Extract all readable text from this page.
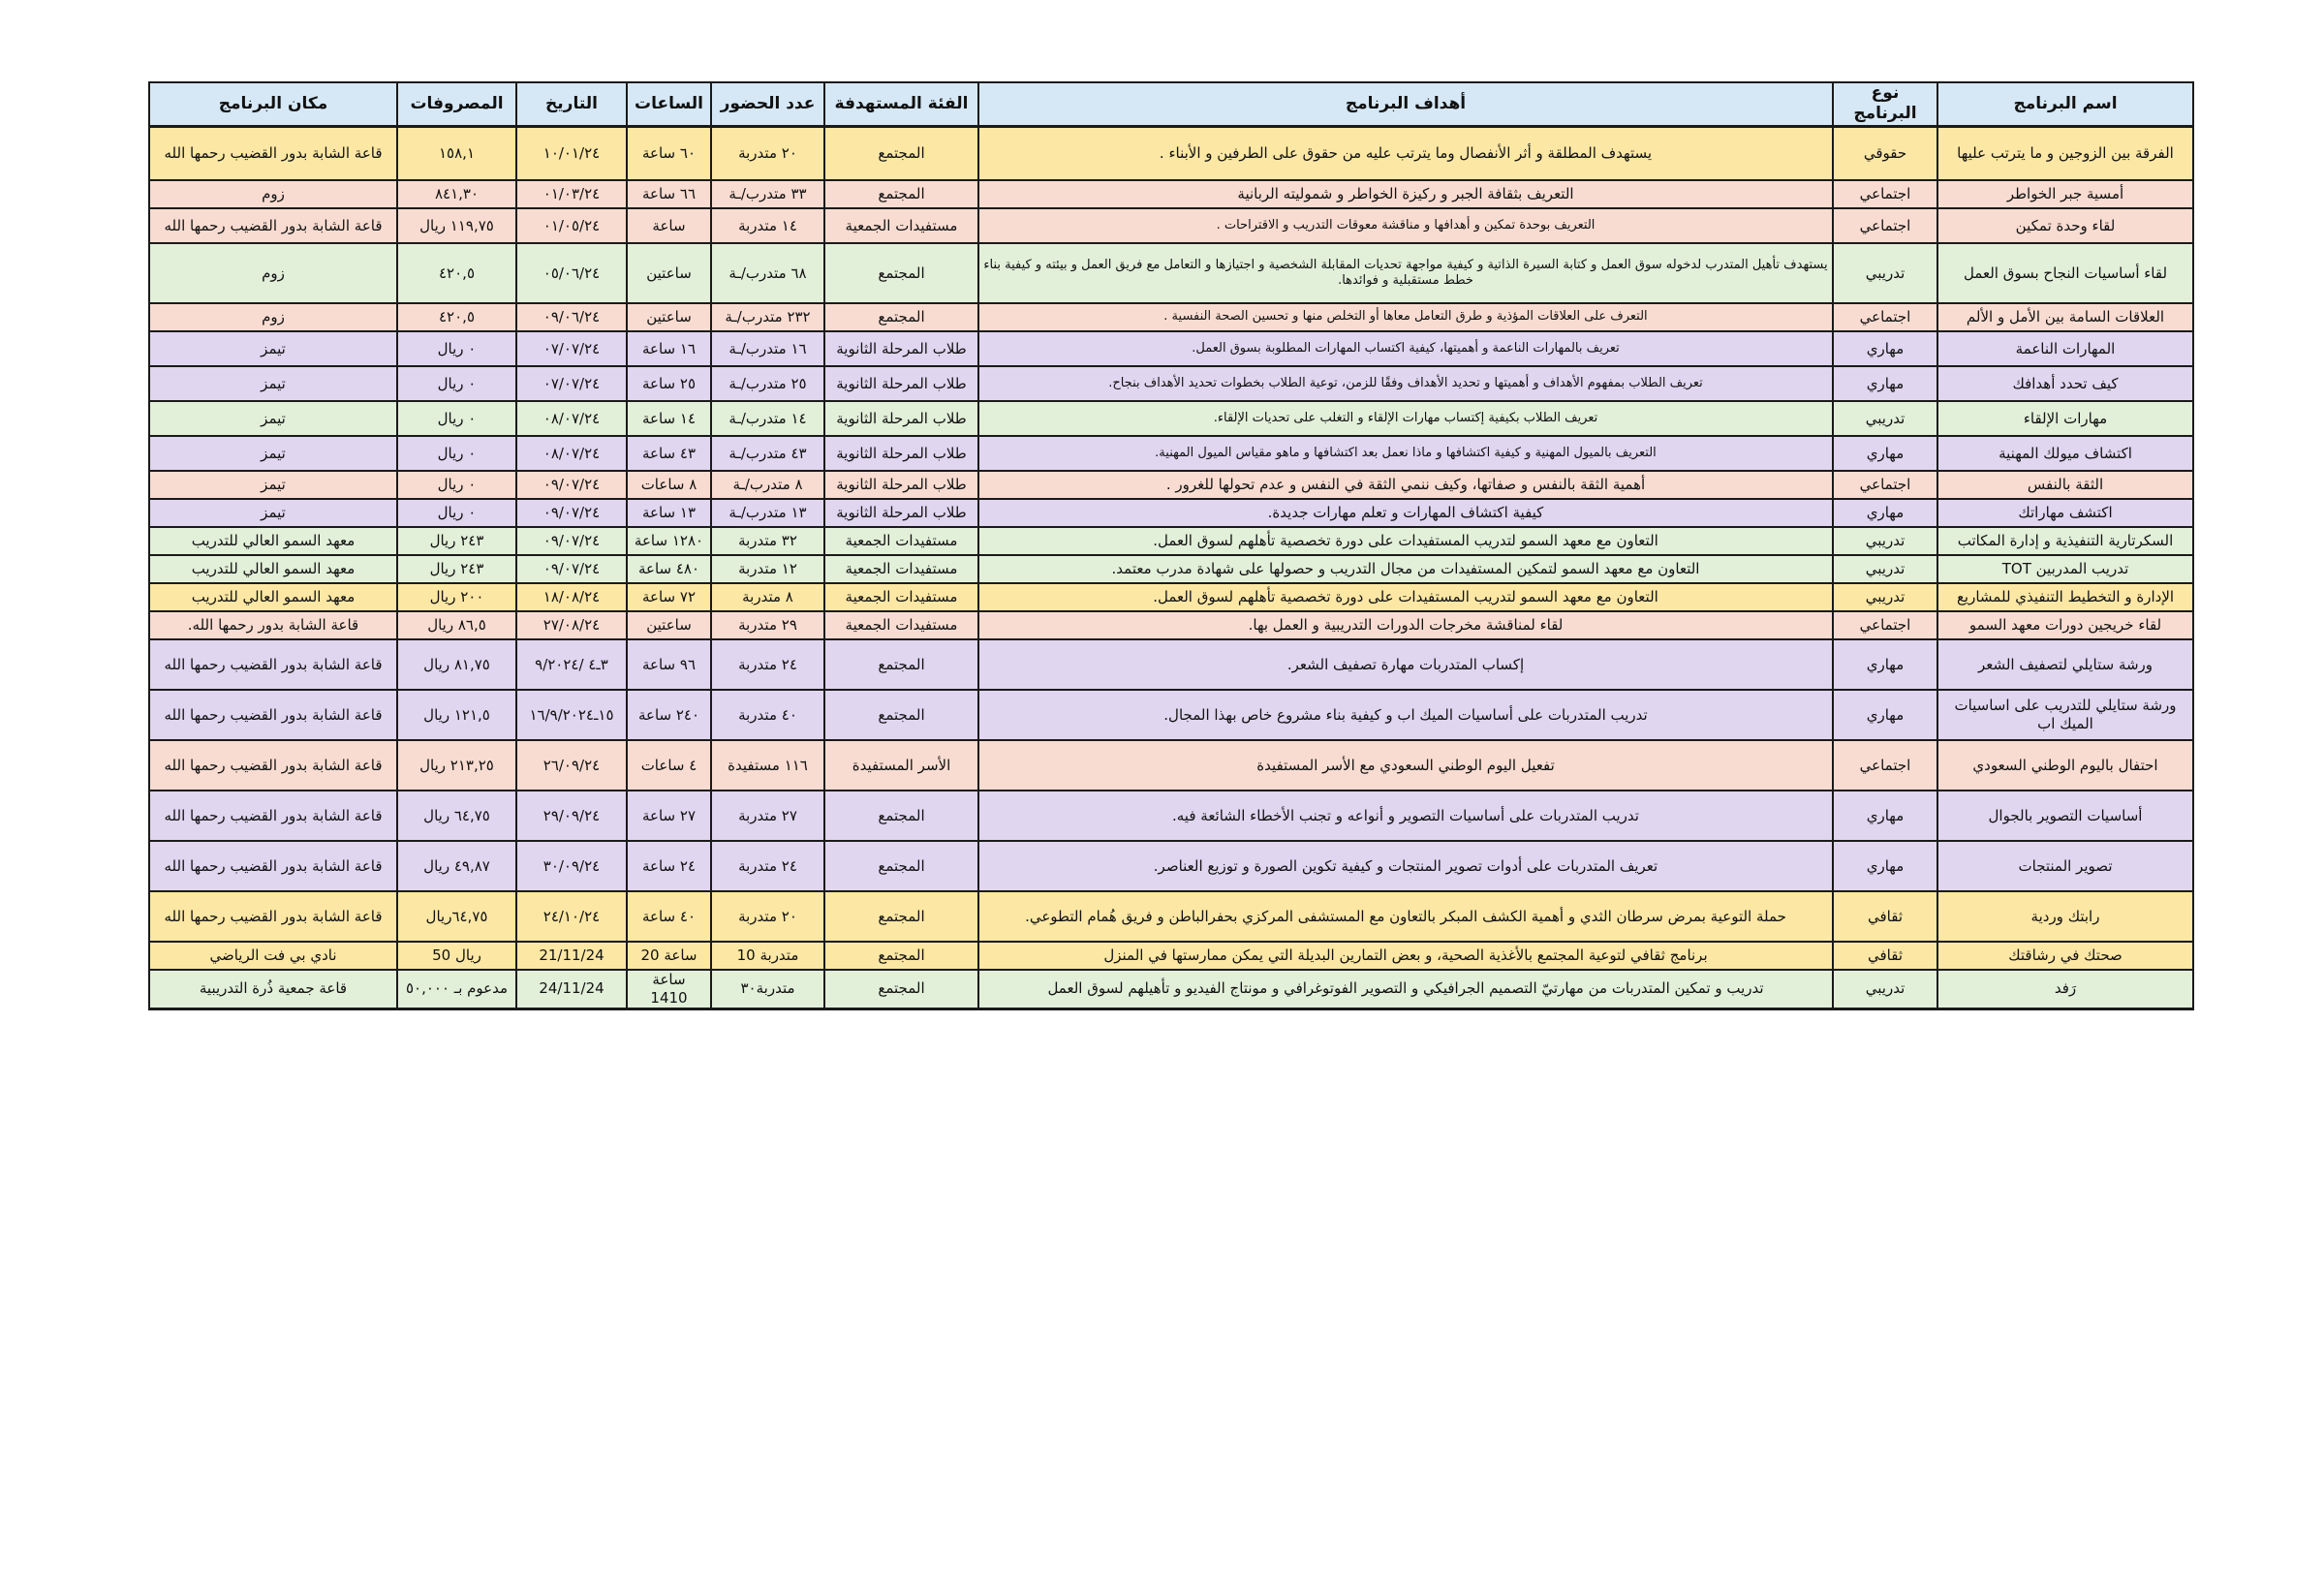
اسم البرنامج	نوع البرنامج	أهداف البرنامج	الفئة المستهدفة	عدد الحضور	الساعات	التاريخ	المصروفات	مكان البرنامج
الفرقة بين الزوجين و ما يترتب عليها	حقوقي	يستهدف المطلقة و أثر الأنفصال وما يترتب عليه من حقوق على الطرفين و الأبناء .	المجتمع	٢٠ متدربة	٦٠ ساعة	١٠/٠١/٢٤	١٥٨,١	قاعة الشابة بدور القضيب رحمها الله
أمسية جبر الخواطر	اجتماعي	التعريف بثقافة الجبر و ركيزة الخواطر و شموليته الربانية	المجتمع	٣٣ متدرب/ـة	٦٦ ساعة	٠١/٠٣/٢٤	٨٤١,٣٠	زوم
لقاء وحدة تمكين	اجتماعي	التعريف بوحدة تمكين و أهدافها و مناقشة معوقات التدريب و الاقتراحات .	مستفيدات الجمعية	١٤ متدربة	ساعة	٠١/٠٥/٢٤	١١٩,٧٥ ريال	قاعة الشابة بدور القضيب رحمها الله
لقاء أساسيات النجاح بسوق العمل	تدريبي	يستهدف تأهيل المتدرب لدخوله سوق العمل و كتابة السيرة الذاتية و كيفية مواجهة تحديات المقابلة الشخصية و اجتيازها و التعامل مع فريق العمل و بيئته و كيفية بناء خطط مستقبلية و فوائدها.	المجتمع	٦٨ متدرب/ـة	ساعتين	٠٥/٠٦/٢٤	٤٢٠,٥	زوم
العلاقات السامة بين الأمل و الألم	اجتماعي	التعرف على العلاقات المؤذية و طرق التعامل معاها أو التخلص منها و تحسين الصحة النفسية .	المجتمع	٢٣٢ متدرب/ـة	ساعتين	٠٩/٠٦/٢٤	٤٢٠,٥	زوم
المهارات الناعمة	مهاري	تعريف بالمهارات الناعمة و أهميتها، كيفية اكتساب المهارات المطلوبة بسوق العمل.	طلاب المرحلة الثانوية	١٦ متدرب/ـة	١٦ ساعة	٠٧/٠٧/٢٤	٠ ريال	تيمز
كيف تحدد أهدافك	مهاري	تعريف الطلاب بمفهوم الأهداف و أهميتها و تحديد الأهداف وفقًا للزمن، توعية الطلاب بخطوات تحديد الأهداف بنجاح.	طلاب المرحلة الثانوية	٢٥ متدرب/ـة	٢٥ ساعة	٠٧/٠٧/٢٤	٠ ريال	تيمز
مهارات الإلقاء	تدريبي	تعريف الطلاب بكيفية إكتساب مهارات الإلقاء و التغلب على تحديات الإلقاء.	طلاب المرحلة الثانوية	١٤ متدرب/ـة	١٤ ساعة	٠٨/٠٧/٢٤	٠ ريال	تيمز
اكتشاف ميولك المهنية	مهاري	التعريف بالميول المهنية و كيفية اكتشافها و ماذا نعمل بعد اكتشافها و ماهو مقياس الميول المهنية.	طلاب المرحلة الثانوية	٤٣ متدرب/ـة	٤٣ ساعة	٠٨/٠٧/٢٤	٠ ريال	تيمز
الثقة بالنفس	اجتماعي	أهمية الثقة بالنفس و صفاتها، وكيف ننمي الثقة في النفس و عدم تحولها للغرور .	طلاب المرحلة الثانوية	٨ متدرب/ـة	٨ ساعات	٠٩/٠٧/٢٤	٠ ريال	تيمز
اكتشف مهاراتك	مهاري	كيفية اكتشاف المهارات و تعلم مهارات جديدة.	طلاب المرحلة الثانوية	١٣ متدرب/ـة	١٣ ساعة	٠٩/٠٧/٢٤	٠ ريال	تيمز
السكرتارية التنفيذية و إدارة المكاتب	تدريبي	التعاون مع معهد السمو لتدريب المستفيدات على دورة تخصصية تأهلهم لسوق العمل.	مستفيدات الجمعية	٣٢ متدربة	١٢٨٠ ساعة	٠٩/٠٧/٢٤	٢٤٣ ريال	معهد السمو العالي للتدريب
تدريب المدربين TOT	تدريبي	التعاون مع معهد السمو لتمكين المستفيدات من مجال التدريب و حصولها على شهادة مدرب معتمد.	مستفيدات الجمعية	١٢ متدربة	٤٨٠ ساعة	٠٩/٠٧/٢٤	٢٤٣ ريال	معهد السمو العالي للتدريب
الإدارة و التخطيط التنفيذي للمشاريع	تدريبي	التعاون مع معهد السمو لتدريب المستفيدات على دورة تخصصية تأهلهم لسوق العمل.	مستفيدات الجمعية	٨ متدربة	٧٢ ساعة	١٨/٠٨/٢٤	٢٠٠ ريال	معهد السمو العالي للتدريب
لقاء خريجين دورات معهد السمو	اجتماعي	لقاء لمناقشة مخرجات الدورات التدريبية و العمل بها.	مستفيدات الجمعية	٢٩ متدربة	ساعتين	٢٧/٠٨/٢٤	٨٦,٥ ريال	قاعة الشابة بدور رحمها الله.
ورشة ستايلي لتصفيف الشعر	مهاري	إكساب المتدربات مهارة تصفيف الشعر.	المجتمع	٢٤ متدربة	٩٦ ساعة	٣ـ٤ /٩/٢٠٢٤	٨١,٧٥ ريال	قاعة الشابة بدور القضيب رحمها الله
ورشة ستايلي للتدريب على اساسيات الميك اب	مهاري	تدريب المتدربات على أساسيات الميك اب و كيفية بناء مشروع خاص بهذا المجال.	المجتمع	٤٠ متدربة	٢٤٠ ساعة	١٥ـ١٦/٩/٢٠٢٤	١٢١,٥ ريال	قاعة الشابة بدور القضيب رحمها الله
احتفال باليوم الوطني السعودي	اجتماعي	تفعيل اليوم الوطني السعودي مع الأسر المستفيدة	الأسر المستفيدة	١١٦ مستفيدة	٤ ساعات	٢٦/٠٩/٢٤	٢١٣,٢٥ ريال	قاعة الشابة بدور القضيب رحمها الله
أساسيات التصوير بالجوال	مهاري	تدريب المتدربات على أساسيات التصوير و أنواعه و تجنب الأخطاء الشائعة فيه.	المجتمع	٢٧ متدربة	٢٧ ساعة	٢٩/٠٩/٢٤	٦٤,٧٥ ريال	قاعة الشابة بدور القضيب رحمها الله
تصوير المنتجات	مهاري	تعريف المتدربات على أدوات تصوير المنتجات و كيفية تكوين الصورة و توزيع العناصر.	المجتمع	٢٤ متدربة	٢٤ ساعة	٣٠/٠٩/٢٤	٤٩,٨٧ ريال	قاعة الشابة بدور القضيب رحمها الله
رابتك وردية	ثقافي	حملة التوعية بمرض سرطان الثدي و أهمية الكشف المبكر بالتعاون مع المستشفى المركزي بحفرالباطن و فريق هُمام التطوعي.	المجتمع	٢٠ متدربة	٤٠ ساعة	٢٤/١٠/٢٤	٦٤,٧٥ريال	قاعة الشابة بدور القضيب رحمها الله
صحتك في رشاقتك	ثقافي	برنامج ثقافي لتوعية المجتمع بالأغذية الصحية، و بعض التمارين البديلة التي يمكن ممارستها في المنزل	المجتمع	متدربة 10	ساعة 20	21/11/24	ريال 50	نادي بي فت الرياضي
رَفد	تدريبي	تدريب و تمكين المتدربات من مهارتيّ التصميم الجرافيكي و التصوير الفوتوغرافي و مونتاج الفيديو و تأهيلهم لسوق العمل	المجتمع	متدربة٣٠	ساعة 1410	24/11/24	مدعوم بـ ٥٠,٠٠٠	قاعة جمعية ذُرة التدريبية
